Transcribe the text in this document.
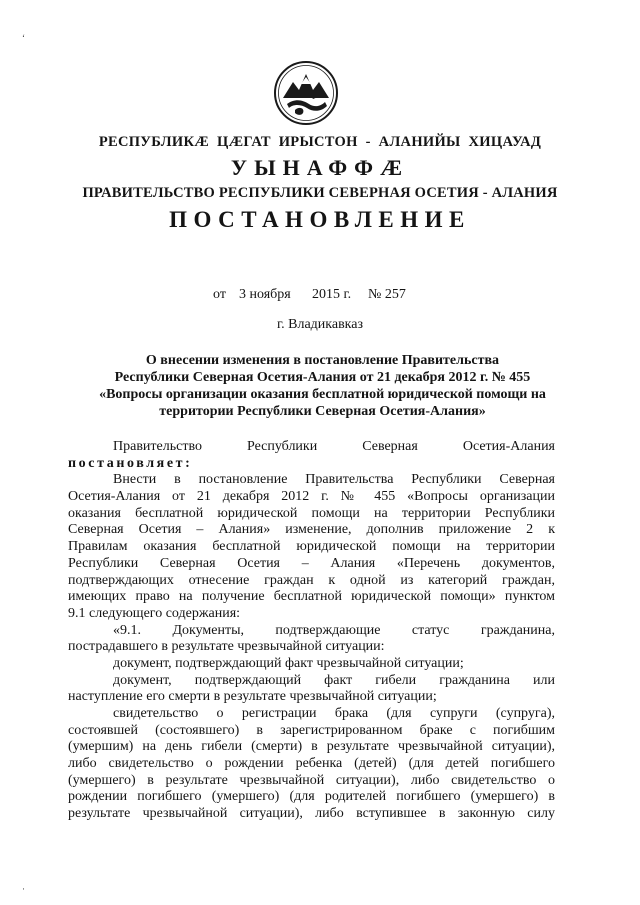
ʻ
РЕСПУБЛИКӔ ЦӔГАТ ИРЫСТОН - АЛАНИЙЫ ХИЦАУАД
УЫНАФФӔ
ПРАВИТЕЛЬСТВО РЕСПУБЛИКИ СЕВЕРНАЯ ОСЕТИЯ - АЛАНИЯ
ПОСТАНОВЛЕНИЕ
от 3 ноября 2015 г. № 257
г. Владикавказ
О внесении изменения в постановление Правительства
Республики Северная Осетия-Алания от 21 декабря 2012 г. № 455
«Вопросы организации оказания бесплатной юридической помощи на
территории Республики Северная Осетия-Алания»
Правительство	Республики	Северная	Осетия-Алания
постановляет:
Внести в постановление Правительства Республики Северная
Осетия-Алания от 21 декабря 2012 г. № 455 «Вопросы организации
оказания бесплатной юридической помощи на территории Республики
Северная Осетия – Алания» изменение, дополнив приложение 2 к
Правилам оказания бесплатной юридической помощи на территории
Республики Северная Осетия – Алания «Перечень документов,
подтверждающих отнесение граждан к одной из категорий граждан,
имеющих право на получение бесплатной юридической помощи» пунктом
9.1 следующего содержания:
«9.1. Документы, подтверждающие статус гражданина,
пострадавшего в результате чрезвычайной ситуации:
документ, подтверждающий факт чрезвычайной ситуации;
документ, подтверждающий факт гибели гражданина или
наступление его смерти в результате чрезвычайной ситуации;
свидетельство о регистрации брака (для супруги (супруга),
состоявшей (состоявшего) в зарегистрированном браке с погибшим
(умершим) на день гибели (смерти) в результате чрезвычайной ситуации),
либо свидетельство о рождении ребенка (детей) (для детей погибшего
(умершего) в результате чрезвычайной ситуации), либо свидетельство о
рождении погибшего (умершего) (для родителей погибшего (умершего) в
результате чрезвычайной ситуации), либо вступившее в законную силу
·
